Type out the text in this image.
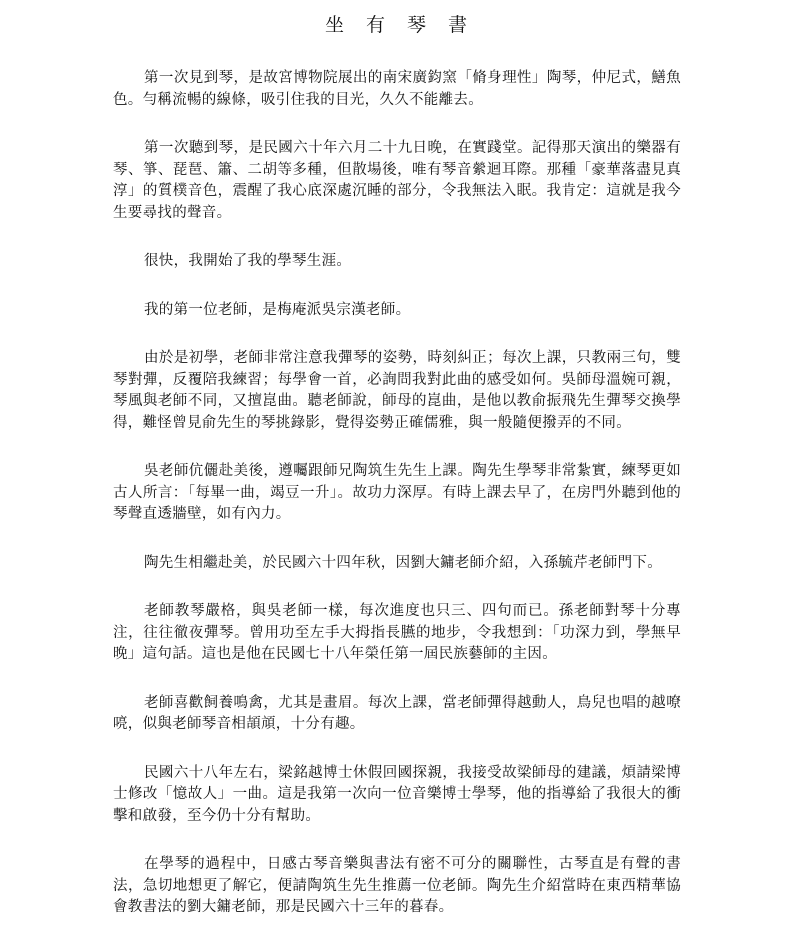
坐有琴書

第一次見到琴，是故宮博物院展出的南宋廣鈞窯「脩身理性」陶琴，仲尼式，鱔魚色。勻稱流暢的線條，吸引住我的目光，久久不能離去。

第一次聽到琴，是民國六十年六月二十九日晚，在實踐堂。記得那天演出的樂器有琴、箏、琵琶、簫、二胡等多種，但散場後，唯有琴音縈迴耳際。那種「豪華落盡見真淳」的質樸音色，震醒了我心底深處沉睡的部分，令我無法入眠。我肯定：這就是我今生要尋找的聲音。

很快，我開始了我的學琴生涯。

我的第一位老師，是梅庵派吳宗漢老師。

由於是初學，老師非常注意我彈琴的姿勢，時刻糾正；每次上課，只教兩三句，雙琴對彈，反覆陪我練習；每學會一首，必詢問我對此曲的感受如何。吳師母溫婉可親，琴風與老師不同，又擅崑曲。聽老師說，師母的崑曲，是他以教俞振飛先生彈琴交換學得，難怪曾見俞先生的琴挑錄影，覺得姿勢正確儒雅，與一般隨便撥弄的不同。

吳老師伉儷赴美後，遵囑跟師兄陶筑生先生上課。陶先生學琴非常紮實，練琴更如古人所言：「每畢一曲，竭豆一升」。故功力深厚。有時上課去早了，在房門外聽到他的琴聲直透牆壁，如有內力。

陶先生相繼赴美，於民國六十四年秋，因劉大鏞老師介紹，入孫毓芹老師門下。

老師教琴嚴格，與吳老師一樣，每次進度也只三、四句而已。孫老師對琴十分專注，往往徹夜彈琴。曾用功至左手大拇指長臙的地步，令我想到：「功深力到，學無早晚」這句話。這也是他在民國七十八年榮任第一屆民族藝師的主因。

老師喜歡飼養鳴禽，尤其是畫眉。每次上課，當老師彈得越動人，鳥兒也唱的越嘹喨，似與老師琴音相頡頏，十分有趣。

民國六十八年左右，梁銘越博士休假回國探親，我接受故梁師母的建議，煩請梁博士修改「憶故人」一曲。這是我第一次向一位音樂博士學琴，他的指導給了我很大的衝擊和啟發，至今仍十分有幫助。

在學琴的過程中，日感古琴音樂與書法有密不可分的關聯性，古琴直是有聲的書法，急切地想更了解它，便請陶筑生先生推薦一位老師。陶先生介紹當時在東西精華協會教書法的劉大鏞老師，那是民國六十三年的暮春。
